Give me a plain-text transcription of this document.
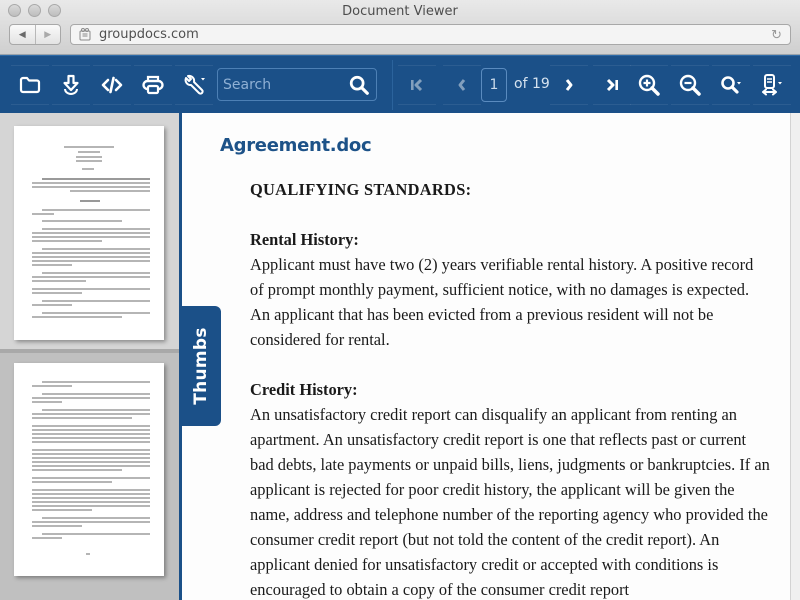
Document Viewer
◀ ▶	groupdocs.com	↻
Search
1	of 19
Agreement.doc
QUALIFYING STANDARDS:
Rental History:

Applicant must have two (2) years verifiable rental history. A positive record of prompt monthly payment, sufficient notice, with no damages is expected. An applicant that has been evicted from a previous resident will not be considered for rental.

Credit History:

An unsatisfactory credit report can disqualify an applicant from renting an apartment. An unsatisfactory credit report is one that reflects past or current bad debts, late payments or unpaid bills, liens, judgments or bankruptcies. If an applicant is rejected for poor credit history, the applicant will be given the name, address and telephone number of the reporting agency who provided the consumer credit report (but not told the content of the credit report). An applicant denied for unsatisfactory credit or accepted with conditions is encouraged to obtain a copy of the consumer credit report

Thumbs
